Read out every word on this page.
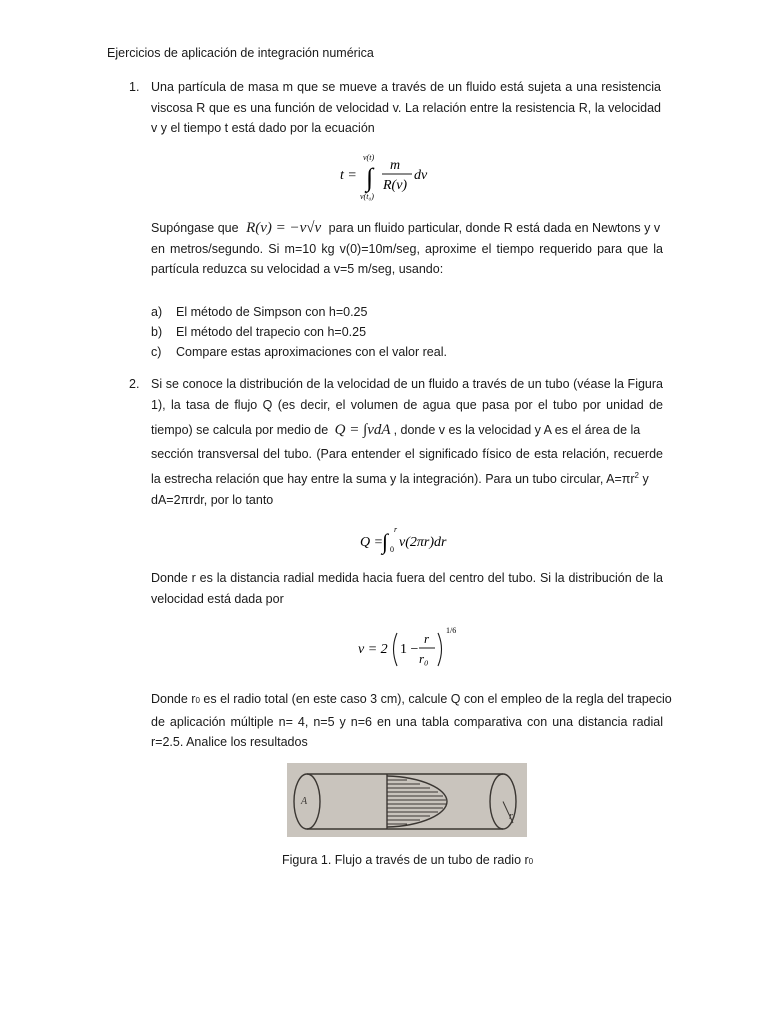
Ejercicios de aplicación de integración numérica
1. Una partícula de masa m que se mueve a través de un fluido está sujeta a una resistencia
viscosa R que es una función de velocidad v. La relación entre la resistencia R, la velocidad
v y el tiempo t está dado por la ecuación
t = ∫
v(t)
v(t₀)
m
R(v)
dv
Supóngase que R(v) = −v√v para un fluido particular, donde R está dada en Newtons y v
en metros/segundo. Si m=10 kg v(0)=10m/seg, aproxime el tiempo requerido para que la
partícula reduzca su velocidad a v=5 m/seg, usando:
a) El método de Simpson con h=0.25
b) El método del trapecio con h=0.25
c) Compare estas aproximaciones con el valor real.
2. Si se conoce la distribución de la velocidad de un fluido a través de un tubo (véase la Figura
1), la tasa de flujo Q (es decir, el volumen de agua que pasa por el tubo por unidad de
tiempo) se calcula por medio de Q = ∫vdA , donde v es la velocidad y A es el área de la
sección transversal del tubo. (Para entender el significado físico de esta relación, recuerde
la estrecha relación que hay entre la suma y la integración). Para un tubo circular, $A=\pi r^2$ y
dA=2πrdr, por lo tanto
Q =
∫ r
0 v(2πr)dr
Donde r es la distancia radial medida hacia fuera del centro del tubo. Si la distribución de la
velocidad está dada por
v = 2 1 −
r
r₀
1/6
Donde r0 es el radio total (en este caso 3 cm), calcule Q con el empleo de la regla del trapecio
de aplicación múltiple n= 4, n=5 y n=6 en una tabla comparativa con una distancia radial
r=2.5. Analice los resultados
A
r
Figura 1. Flujo a través de un tubo de radio r0
